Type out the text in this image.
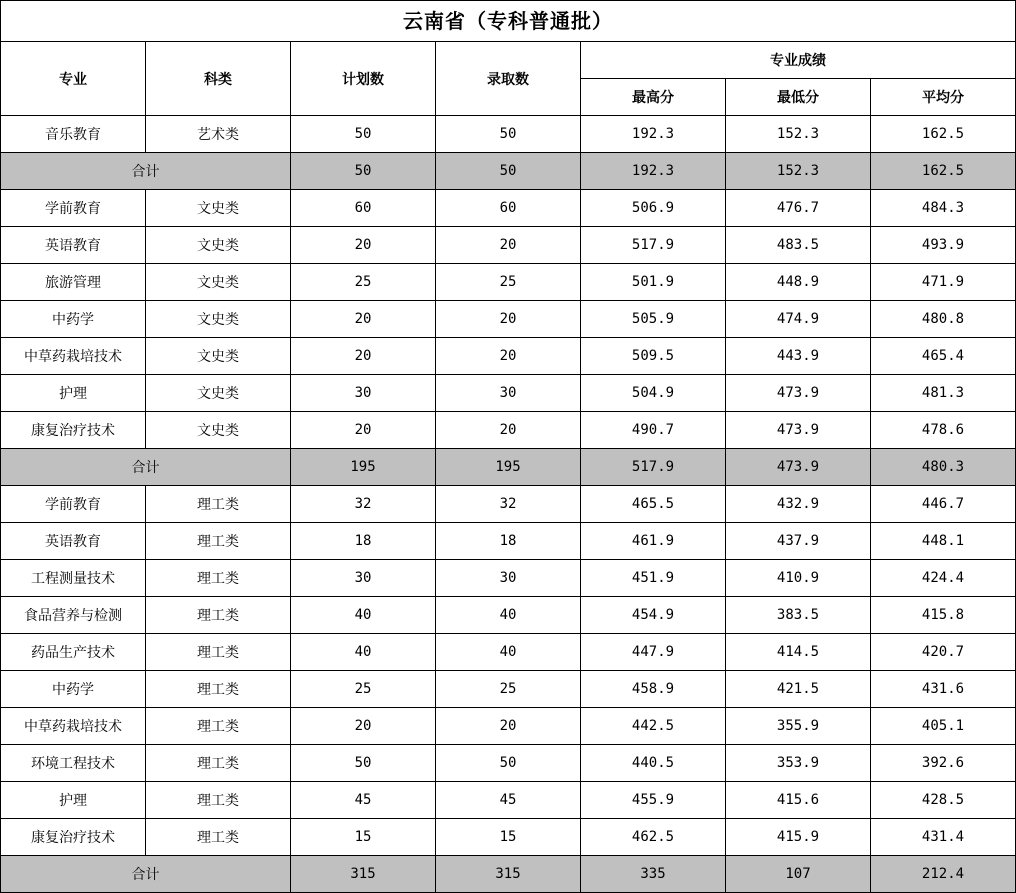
云南省（专科普通批）
专业	科类	计划数	录取数	专业成绩		
				最高分	最低分	平均分
音乐教育	艺术类	50	50	192.3	152.3	162.5
合计		50	50	192.3	152.3	162.5
学前教育	文史类	60	60	506.9	476.7	484.3
英语教育	文史类	20	20	517.9	483.5	493.9
旅游管理	文史类	25	25	501.9	448.9	471.9
中药学	文史类	20	20	505.9	474.9	480.8
中草药栽培技术	文史类	20	20	509.5	443.9	465.4
护理	文史类	30	30	504.9	473.9	481.3
康复治疗技术	文史类	20	20	490.7	473.9	478.6
合计		195	195	517.9	473.9	480.3
学前教育	理工类	32	32	465.5	432.9	446.7
英语教育	理工类	18	18	461.9	437.9	448.1
工程测量技术	理工类	30	30	451.9	410.9	424.4
食品营养与检测	理工类	40	40	454.9	383.5	415.8
药品生产技术	理工类	40	40	447.9	414.5	420.7
中药学	理工类	25	25	458.9	421.5	431.6
中草药栽培技术	理工类	20	20	442.5	355.9	405.1
环境工程技术	理工类	50	50	440.5	353.9	392.6
护理	理工类	45	45	455.9	415.6	428.5
康复治疗技术	理工类	15	15	462.5	415.9	431.4
合计		315	315	335	107	212.4
